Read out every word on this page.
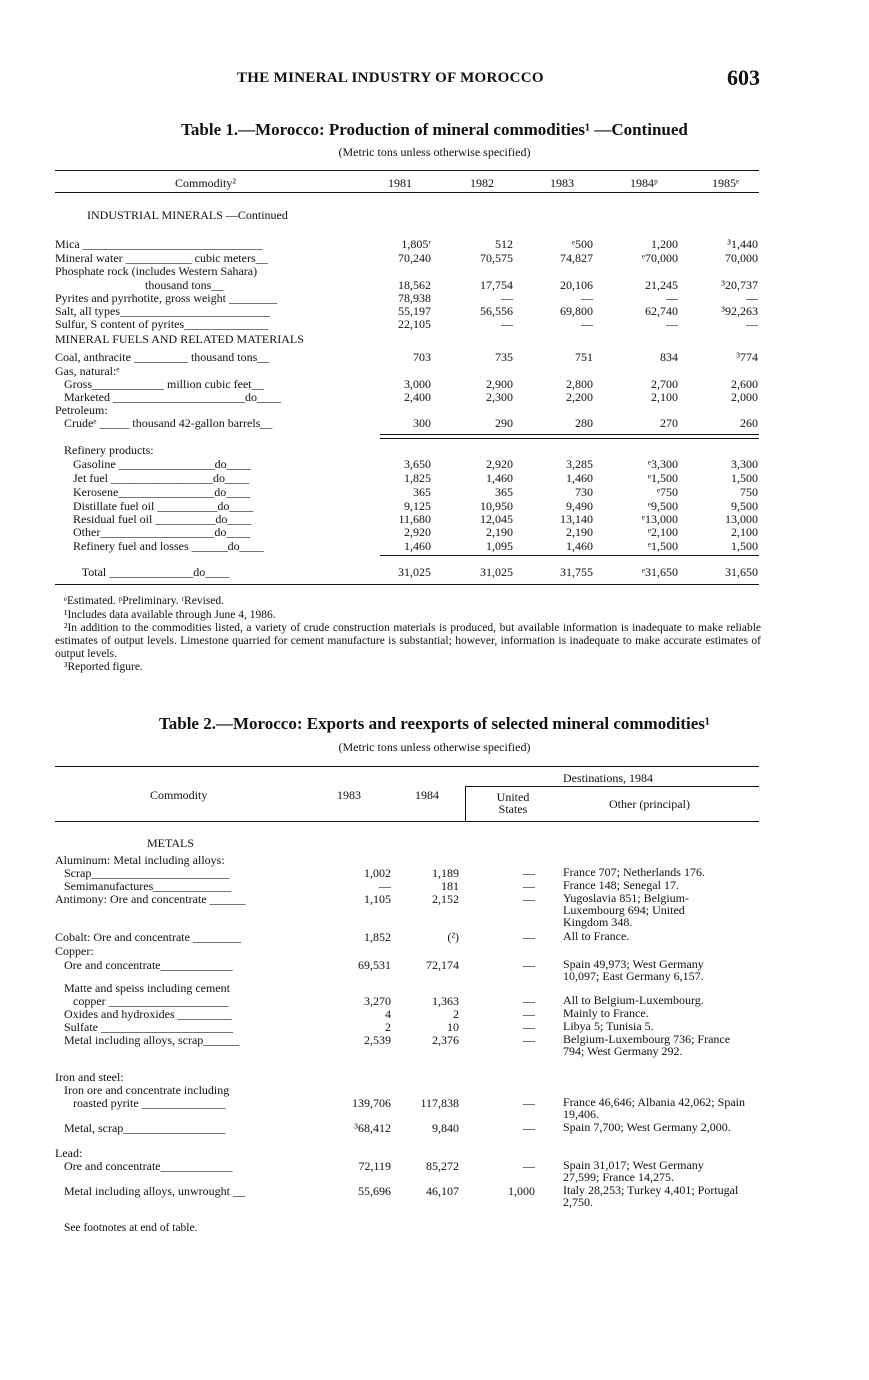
THE MINERAL INDUSTRY OF MOROCCO	603
Table 1.—Morocco: Production of mineral commodities¹ —Continued
(Metric tons unless otherwise specified)
Commodity²	1981	1982	1983	1984ᵖ	1985ᵉ
INDUSTRIAL MINERALS —Continued
Mica ______________________________	1,805ʳ	512	ᵉ500	1,200	³1,440
Mineral water ___________ cubic meters__	70,240	70,575	74,827	ᵉ70,000	70,000
Phosphate rock (includes Western Sahara)
thousand tons__	18,562	17,754	20,106	21,245	³20,737
Pyrites and pyrrhotite, gross weight ________	78,938	—	—	—	—
Salt, all types_________________________	55,197	56,556	69,800	62,740	³92,263
Sulfur, S content of pyrites______________	22,105	—	—	—	—
MINERAL FUELS AND RELATED MATERIALS
Coal, anthracite _________ thousand tons__	703	735	751	834	³774
Gas, natural:ᵉ
Gross____________ million cubic feet__	3,000	2,900	2,800	2,700	2,600
Marketed ______________________do____	2,400	2,300	2,200	2,100	2,000
Petroleum:
Crudeᵉ _____ thousand 42-gallon barrels__	300	290	280	270	260
Refinery products:
Gasoline ________________do____	3,650	2,920	3,285	ᵉ3,300	3,300
Jet fuel _________________do____	1,825	1,460	1,460	ᵉ1,500	1,500
Kerosene________________do____	365	365	730	ᵉ750	750
Distillate fuel oil __________do____	9,125	10,950	9,490	ᵉ9,500	9,500
Residual fuel oil __________do____	11,680	12,045	13,140	ᵉ13,000	13,000
Other___________________do____	2,920	2,190	2,190	ᵉ2,100	2,100
Refinery fuel and losses ______do____	1,460	1,095	1,460	ᵉ1,500	1,500
Total ______________do____	31,025	31,025	31,755	ᵉ31,650	31,650
ᵉEstimated. ᵖPreliminary. ʳRevised.
¹Includes data available through June 4, 1986.
²In addition to the commodities listed, a variety of crude construction materials is produced, but available information is inadequate to make reliable estimates of output levels. Limestone quarried for cement manufacture is substantial; however, information is inadequate to make accurate estimates of output levels.
³Reported figure.
Table 2.—Morocco: Exports and reexports of selected mineral commodities¹
(Metric tons unless otherwise specified)
Destinations, 1984
Commodity	1983	1984	United States	Other (principal)
METALS
Aluminum: Metal including alloys:
Scrap_______________________	1,002	1,189	— France 707; Netherlands 176.
Semimanufactures_____________	—	181	— France 148; Senegal 17.
Antimony: Ore and concentrate ______	1,105	2,152	— Yugoslavia 851; Belgium-Luxembourg 694; United Kingdom 348.
Cobalt: Ore and concentrate ________	1,852	(²)	— All to France.
Copper:
Ore and concentrate____________	69,531	72,174	— Spain 49,973; West Germany 10,097; East Germany 6,157.
Matte and speiss including cement
copper ____________________	3,270	1,363	— All to Belgium-Luxembourg.
Oxides and hydroxides _________	4	2	— Mainly to France.
Sulfate ______________________	2	10	— Libya 5; Tunisia 5.
Metal including alloys, scrap______	2,539	2,376	— Belgium-Luxembourg 736; France 794; West Germany 292.
Iron and steel:
Iron ore and concentrate including
roasted pyrite ______________	139,706	117,838	— France 46,646; Albania 42,062; Spain 19,406.
Metal, scrap_________________	³68,412	9,840	— Spain 7,700; West Germany 2,000.
Lead:
Ore and concentrate____________	72,119	85,272	— Spain 31,017; West Germany 27,599; France 14,275.
Metal including alloys, unwrought __	55,696	46,107	1,000 Italy 28,253; Turkey 4,401; Portugal 2,750.
See footnotes at end of table.
